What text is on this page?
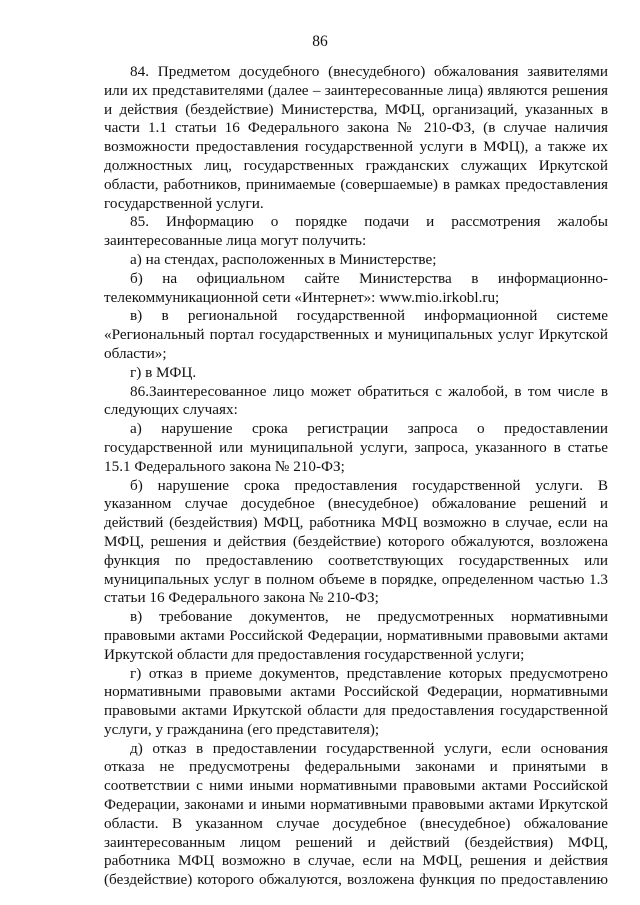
86
84. Предметом досудебного (внесудебного) обжалования заявителями
или их представителями (далее – заинтересованные лица) являются решения
и действия (бездействие) Министерства, МФЦ, организаций, указанных в
части 1.1 статьи 16 Федерального закона № 210-ФЗ, (в случае наличия
возможности предоставления государственной услуги в МФЦ), а также их
должностных лиц, государственных гражданских служащих Иркутской
области, работников, принимаемые (совершаемые) в рамках предоставления
государственной услуги.
85. Информацию о порядке подачи и рассмотрения жалобы
заинтересованные лица могут получить:
а) на стендах, расположенных в Министерстве;
б) на официальном сайте Министерства в информационно-
телекоммуникационной сети «Интернет»: www.mio.irkobl.ru;
в) в региональной государственной информационной системе
«Региональный портал государственных и муниципальных услуг Иркутской
области»;
г) в МФЦ.
86.Заинтересованное лицо может обратиться с жалобой, в том числе в
следующих случаях:
а) нарушение срока регистрации запроса о предоставлении
государственной или муниципальной услуги, запроса, указанного в статье
15.1 Федерального закона № 210-ФЗ;
б) нарушение срока предоставления государственной услуги. В
указанном случае досудебное (внесудебное) обжалование решений и
действий (бездействия) МФЦ, работника МФЦ возможно в случае, если на
МФЦ, решения и действия (бездействие) которого обжалуются, возложена
функция по предоставлению соответствующих государственных или
муниципальных услуг в полном объеме в порядке, определенном частью 1.3
статьи 16 Федерального закона № 210-ФЗ;
в) требование документов, не предусмотренных нормативными
правовыми актами Российской Федерации, нормативными правовыми актами
Иркутской области для предоставления государственной услуги;
г) отказ в приеме документов, представление которых предусмотрено
нормативными правовыми актами Российской Федерации, нормативными
правовыми актами Иркутской области для предоставления государственной
услуги, у гражданина (его представителя);
д) отказ в предоставлении государственной услуги, если основания
отказа не предусмотрены федеральными законами и принятыми в
соответствии с ними иными нормативными правовыми актами Российской
Федерации, законами и иными нормативными правовыми актами Иркутской
области. В указанном случае досудебное (внесудебное) обжалование
заинтересованным лицом решений и действий (бездействия) МФЦ,
работника МФЦ возможно в случае, если на МФЦ, решения и действия
(бездействие) которого обжалуются, возложена функция по предоставлению
